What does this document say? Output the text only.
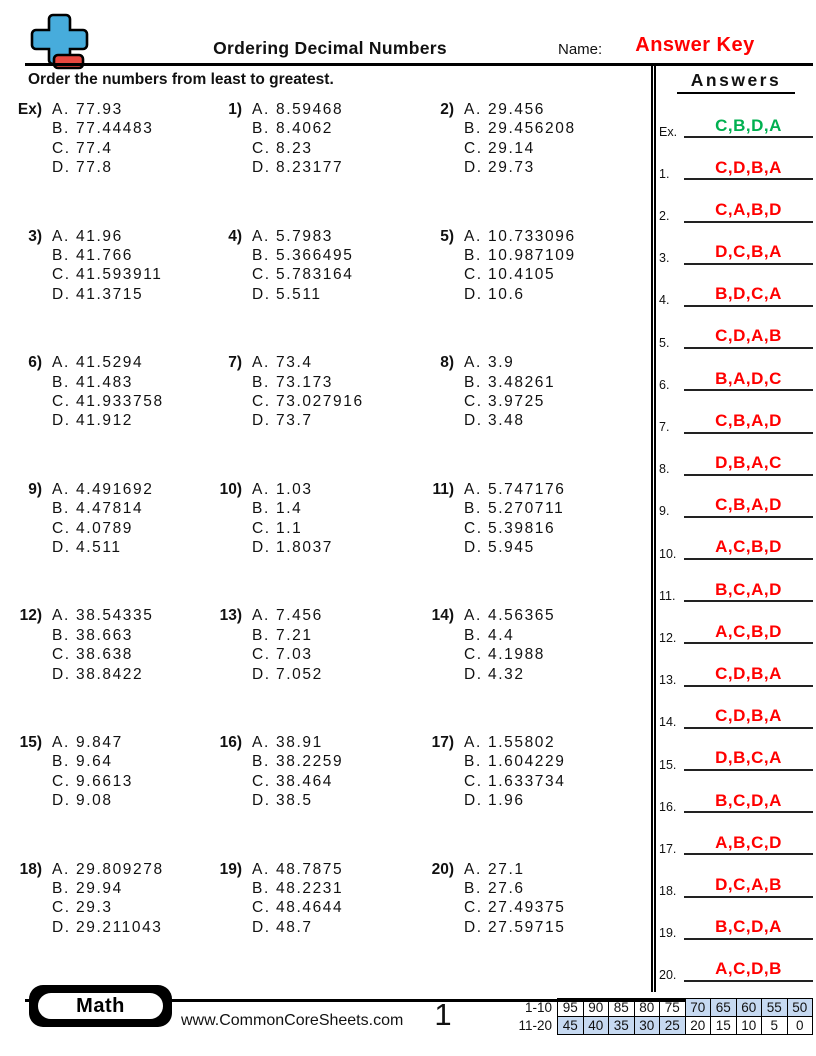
Ordering Decimal Numbers	Name:	Answer Key
Order the numbers from least to greatest.
Ex) A. 77.93
B. 77.44483
C. 77.4
D. 77.8
1) A. 8.59468
B. 8.4062
C. 8.23
D. 8.23177
2) A. 29.456
B. 29.456208
C. 29.14
D. 29.73
3) A. 41.96
B. 41.766
C. 41.593911
D. 41.3715
4) A. 5.7983
B. 5.366495
C. 5.783164
D. 5.511
5) A. 10.733096
B. 10.987109
C. 10.4105
D. 10.6
6) A. 41.5294
B. 41.483
C. 41.933758
D. 41.912
7) A. 73.4
B. 73.173
C. 73.027916
D. 73.7
8) A. 3.9
B. 3.48261
C. 3.9725
D. 3.48
9) A. 4.491692
B. 4.47814
C. 4.0789
D. 4.511
10) A. 1.03
B. 1.4
C. 1.1
D. 1.8037
11) A. 5.747176
B. 5.270711
C. 5.39816
D. 5.945
12) A. 38.54335
B. 38.663
C. 38.638
D. 38.8422
13) A. 7.456
B. 7.21
C. 7.03
D. 7.052
14) A. 4.56365
B. 4.4
C. 4.1988
D. 4.32
15) A. 9.847
B. 9.64
C. 9.6613
D. 9.08
16) A. 38.91
B. 38.2259
C. 38.464
D. 38.5
17) A. 1.55802
B. 1.604229
C. 1.633734
D. 1.96
18) A. 29.809278
B. 29.94
C. 29.3
D. 29.211043
19) A. 48.7875
B. 48.2231
C. 48.4644
D. 48.7
20) A. 27.1
B. 27.6
C. 27.49375
D. 27.59715
Answers
Ex.	C,B,D,A
1.	C,D,B,A
2.	C,A,B,D
3.	D,C,B,A
4.	B,D,C,A
5.	C,D,A,B
6.	B,A,D,C
7.	C,B,A,D
8.	D,B,A,C
9.	C,B,A,D
10.	A,C,B,D
11.	B,C,A,D
12.	A,C,B,D
13.	C,D,B,A
14.	C,D,B,A
15.	D,B,C,A
16.	B,C,D,A
17.	A,B,C,D
18.	D,C,A,B
19.	B,C,D,A
20.	A,C,D,B
Math
www.CommonCoreSheets.com	1	1-10	95	90	85	80	75	70	65	60	55	50
11-20	45	40	35	30	25	20	15	10	5	0
